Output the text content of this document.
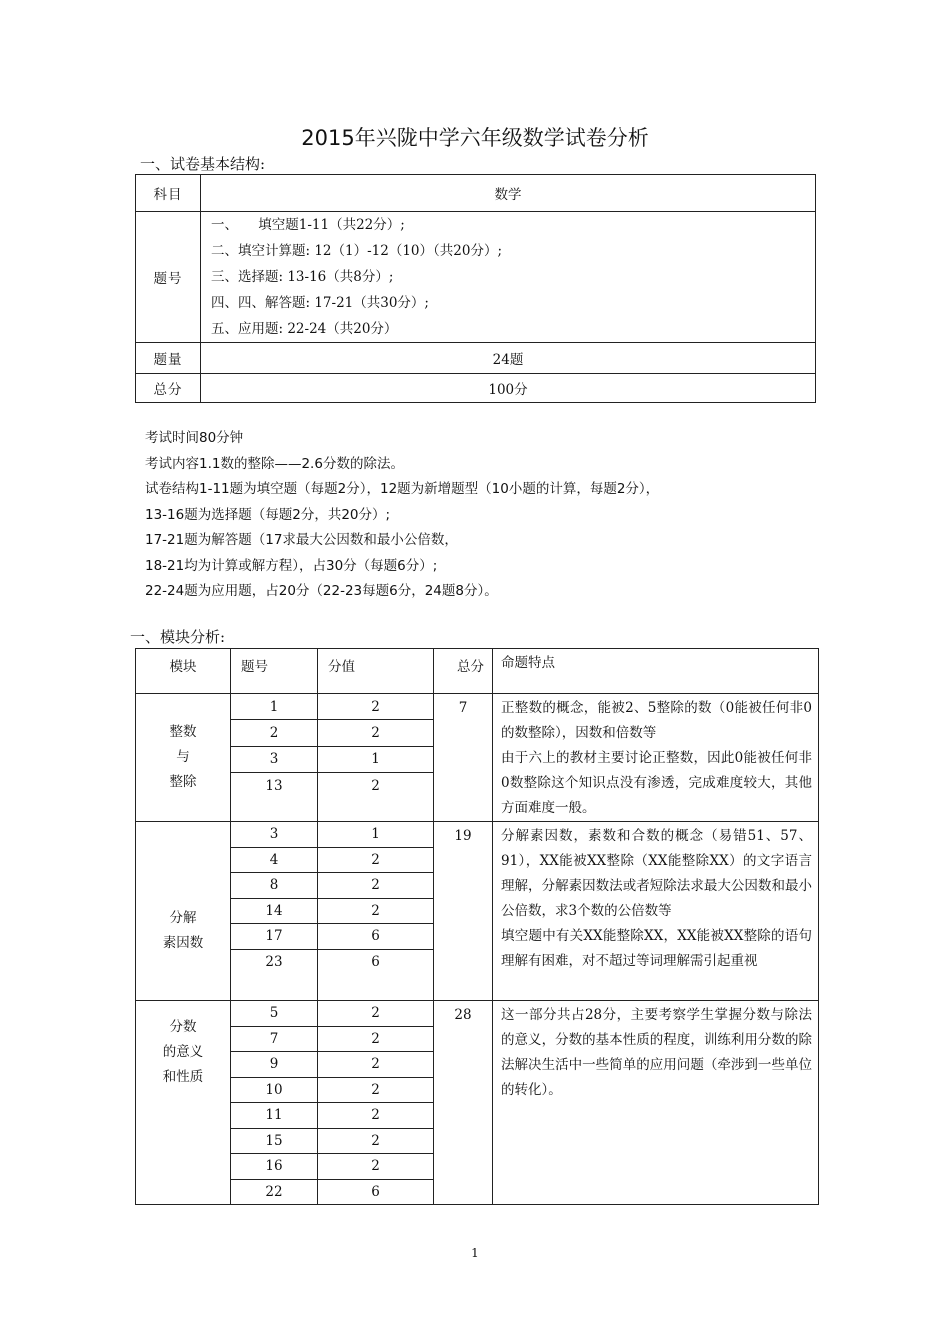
2015年兴陇中学六年级数学试卷分析
一、试卷基本结构:
科目	数学
题号	一、　　填空题1-11（共22分）;
二、填空计算题: 12（1）-12（10）（共20分）;
三、选择题: 13-16（共8分）;
四、四、解答题: 17-21（共30分）;
五、应用题: 22-24（共20分）

题量	24题
总分	100分
考试时间80分钟
考试内容1.1数的整除——2.6分数的除法。
试卷结构1-11题为填空题（每题2分），12题为新增题型（10小题的计算，每题2分），
13-16题为选择题（每题2分，共20分）;
17-21题为解答题（17求最大公因数和最小公倍数，
18-21均为计算或解方程），占30分（每题6分）;
22-24题为应用题，占20分（22-23每题6分，24题8分）。
一、模块分析:
模块	题号	分值	总分	命题特点

整数
与
整除
	1	2	7	正整数的概念，能被2、5整除的数（0能被任何非0的数整除），因数和倍数等
由于六上的教材主要讨论正整数，因此0能被任何非0数整除这个知识点没有渗透，完成难度较大，其他方面难度一般。
	2	2		
	3	1		
	13	2		

分解
素因数
	3	1	19	分解素因数，素数和合数的概念（易错51、57、91），XX能被XX整除（XX能整除XX）的文字语言理解，分解素因数法或者短除法求最大公因数和最小公倍数，求3个数的公倍数等
填空题中有关XX能整除XX，XX能被XX整除的语句理解有困难，对不超过等词理解需引起重视
	4	2		
	8	2		
	14	2		
	17	6		
	23	6		

分数
的意义
和性质	5	2	28	这一部分共占28分，主要考察学生掌握分数与除法的意义，分数的基本性质的程度，训练利用分数的除法解决生活中一些简单的应用问题（牵涉到一些单位的转化）。
	7	2		
	9	2		
	10	2		
	11	2		
	15	2		
	16	2		
	22	6		
1
